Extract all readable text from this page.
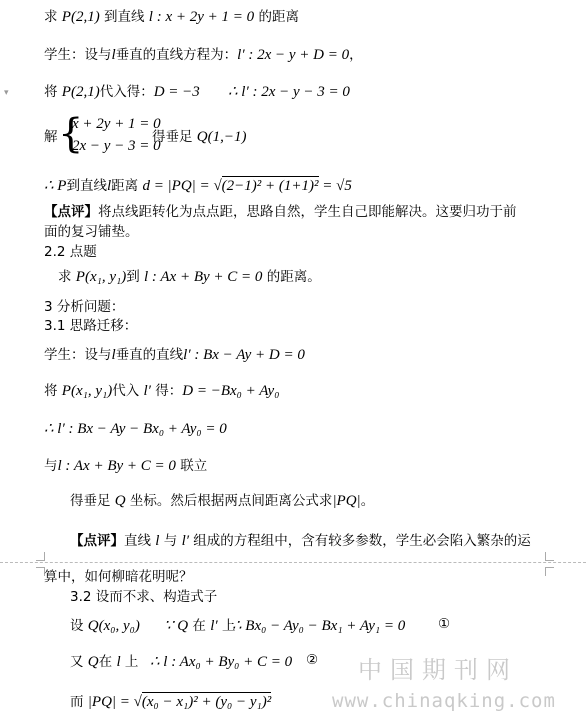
▾
求 P(2,1) 到直线 l : x + 2y + 1 = 0 的距离
学生：设与l垂直的直线方程为：l′ : 2x − y + D = 0，
将 P(2,1)代入得：D = −3 ∴ l′ : 2x − y − 3 = 0
解 {
x + 2y + 1 = 0
2x − y − 3 = 0
得垂足 Q(1,−1)
∴ P到直线l距离 d = |PQ| = √(2−1)² + (1+1)² = √5
【点评】将点线距转化为点点距，思路自然，学生自己即能解决。这要归功于前
面的复习铺垫。
2.2 点题
求 P(x₁, y₁)到 l : Ax + By + C = 0 的距离。
3 分析问题：
3.1 思路迁移：
学生：设与l垂直的直线l′ : Bx − Ay + D = 0
将 P(x₁, y₁)代入 l′ 得：D = −Bx₀ + Ay₀
∴ l′ : Bx − Ay − Bx₀ + Ay₀ = 0
与l : Ax + By + C = 0 联立
得垂足 Q 坐标。然后根据两点间距离公式求|PQ|。
【点评】直线 l 与 l′ 组成的方程组中，含有较多参数，学生必会陷入繁杂的运
算中，如何柳暗花明呢？
3.2 设而不求、构造式子
设 Q(x₀, y₀) ∵ Q 在 l′ 上
∴ Bx₀ − Ay₀ − Bx₁ + Ay₁ = 0 ①
又 Q在 l 上 ∴ l : Ax₀ + By₀ + C = 0 ②
而 |PQ| = √(x₀ − x₁)² + (y₀ − y₁)²
中国期刊网
www.chinaqking.com
